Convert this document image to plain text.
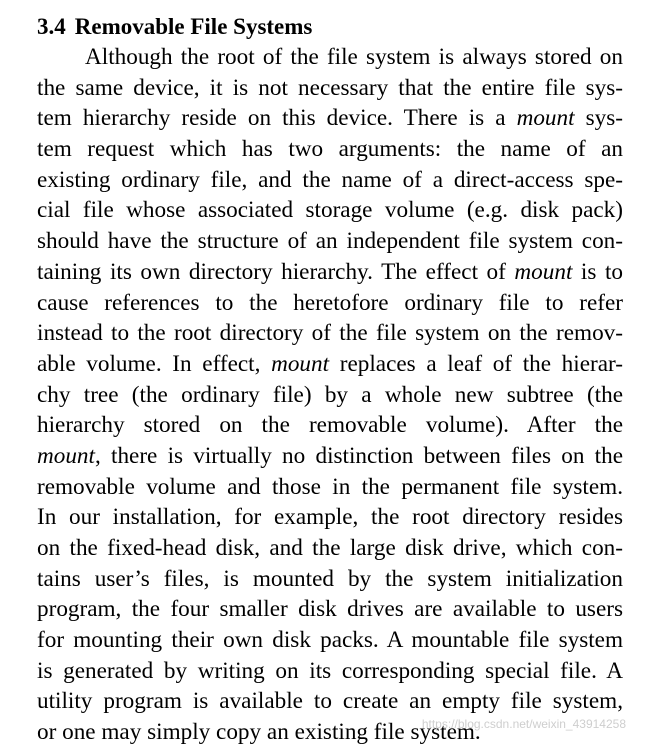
3.4 Removable File Systems
Although the root of the file system is always stored on
the same device, it is not necessary that the entire file sys-
tem hierarchy reside on this device. There is a mount sys-
tem request which has two arguments: the name of an
existing ordinary file, and the name of a direct-access spe-
cial file whose associated storage volume (e.g. disk pack)
should have the structure of an independent file system con-
taining its own directory hierarchy. The effect of mount is to
cause references to the heretofore ordinary file to refer
instead to the root directory of the file system on the remov-
able volume. In effect, mount replaces a leaf of the hierar-
chy tree (the ordinary file) by a whole new subtree (the
hierarchy stored on the removable volume). After the
mount, there is virtually no distinction between files on the
removable volume and those in the permanent file system.
In our installation, for example, the root directory resides
on the fixed-head disk, and the large disk drive, which con-
tains user’s files, is mounted by the system initialization
program, the four smaller disk drives are available to users
for mounting their own disk packs. A mountable file system
is generated by writing on its corresponding special file. A
utility program is available to create an empty file system,
or one may simply copy an existing file system.
https://blog.csdn.net/weixin_43914258
